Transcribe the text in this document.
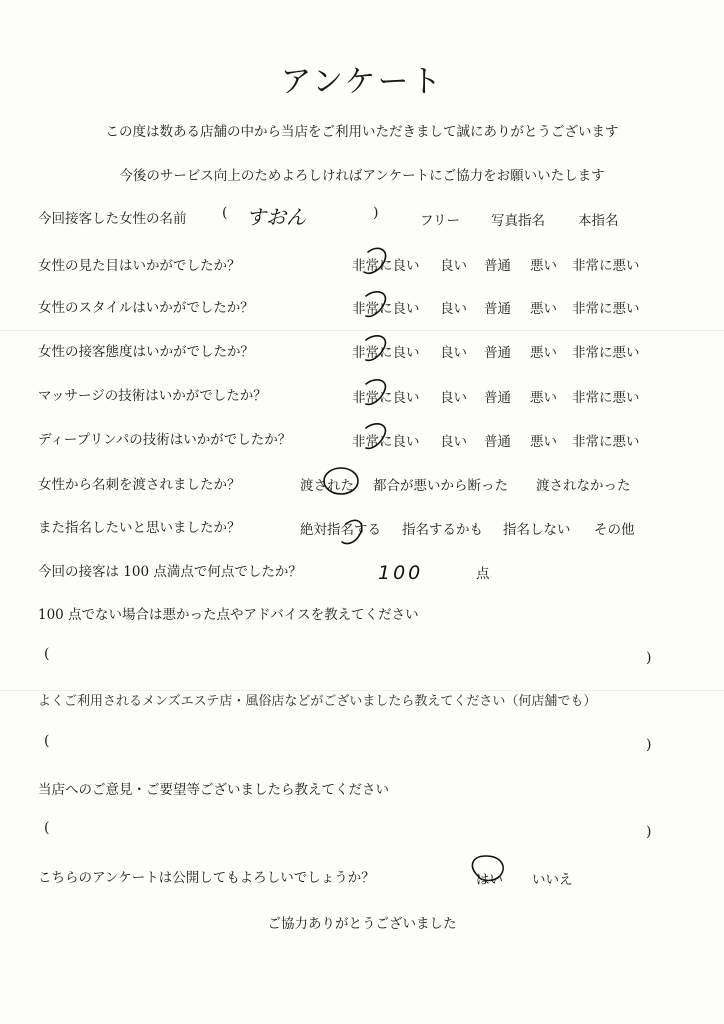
アンケート
この度は数ある店舗の中から当店をご利用いただきまして誠にありがとうございます
今後のサービス向上のためよろしければアンケートにご協力をお願いいたします
今回接客した女性の名前	( すおん	)	フリー 写真指名 本指名
女性の見た目はいかがでしたか？	非常に良い 良い 普通 悪い 非常に悪い
女性のスタイルはいかがでしたか？	非常に良い 良い 普通 悪い 非常に悪い
女性の接客態度はいかがでしたか？	非常に良い 良い 普通 悪い 非常に悪い
マッサージの技術はいかがでしたか？	非常に良い 良い 普通 悪い 非常に悪い
ディープリンパの技術はいかがでしたか？	非常に良い 良い 普通 悪い 非常に悪い
女性から名刺を渡されましたか？	渡された 都合が悪いから断った 渡されなかった
また指名したいと思いましたか？	絶対指名する 指名するかも 指名しない その他
今回の接客は 100 点満点で何点でしたか？	100	点
100 点でない場合は悪かった点やアドバイスを教えてください
(	)
よくご利用されるメンズエステ店・風俗店などがございましたら教えてください（何店舗でも）
(	)
当店へのご意見・ご要望等ございましたら教えてください
(	)
こちらのアンケートは公開してもよろしいでしょうか？	はい いいえ
ご協力ありがとうございました
